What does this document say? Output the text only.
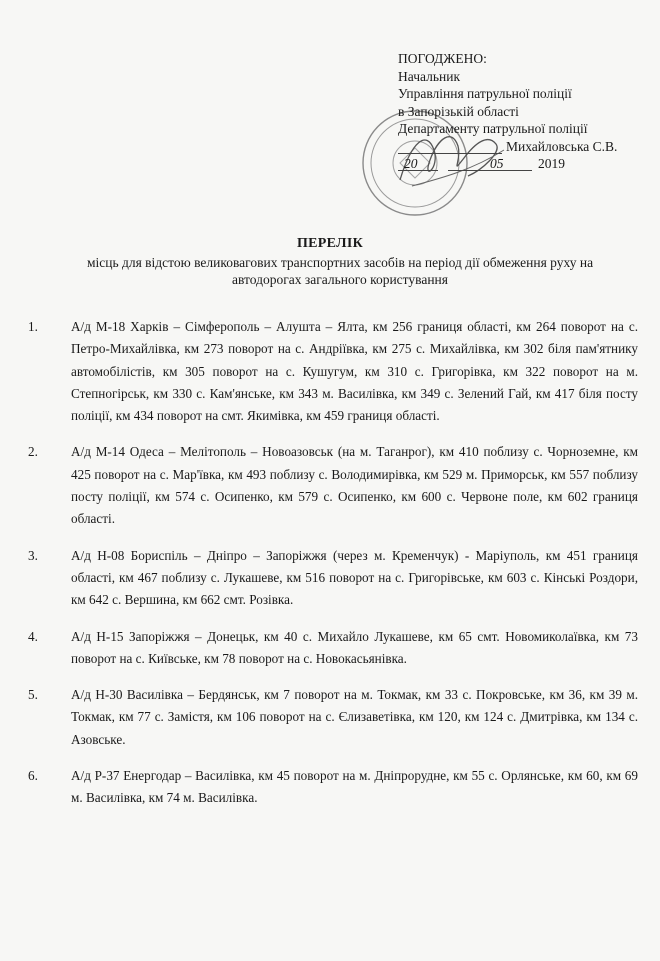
ПОГОДЖЕНО:
Начальник
Управління патрульної поліції
в Запорізькій області
Департаменту патрульної поліції
Михайловська С.В.
20	05	2019
ПЕРЕЛІК
місць для відстою великовагових транспортних засобів на період дії обмеження руху на автодорогах загального користування
1.	А/д М-18 Харків – Сімферополь – Алушта – Ялта, км 256 границя області, км 264 поворот на с. Петро-Михайлівка, км 273 поворот на с. Андріївка, км 275 с. Михайлівка, км 302 біля пам'ятнику автомобілістів, км 305 поворот на с. Кушугум, км 310 с. Григорівка, км 322 поворот на м. Степногірськ, км 330 с. Кам'янське, км 343 м. Василівка, км 349 с. Зелений Гай, км 417 біля посту поліції, км 434 поворот на смт. Якимівка, км 459 границя області.
2.	А/д М-14 Одеса – Мелітополь – Новоазовськ (на м. Таганрог), км 410 поблизу с. Чорноземне, км 425 поворот на с. Мар'ївка, км 493 поблизу с. Володимирівка, км 529 м. Приморськ, км 557 поблизу посту поліції, км 574 с. Осипенко, км 579 с. Осипенко, км 600 с. Червоне поле, км 602 границя області.
3.	А/д Н-08 Бориспіль – Дніпро – Запоріжжя (через м. Кременчук) - Маріуполь, км 451 границя області, км 467 поблизу с. Лукашеве, км 516 поворот на с. Григорівське, км 603 с. Кінські Роздори, км 642 с. Вершина, км 662 смт. Розівка.
4.	А/д Н-15 Запоріжжя – Донецьк, км 40 с. Михайло Лукашеве, км 65 смт. Новомиколаївка, км 73 поворот на с. Київське, км 78 поворот на с. Новокасьянівка.
5.	А/д Н-30 Василівка – Бердянськ, км 7 поворот на м. Токмак, км 33 с. Покровське, км 36, км 39 м. Токмак, км 77 с. Замістя, км 106 поворот на с. Єлизаветівка, км 120, км 124 с. Дмитрівка, км 134 с. Азовське.
6.	А/д Р-37 Енергодар – Василівка, км 45 поворот на м. Дніпрорудне, км 55 с. Орлянське, км 60, км 69 м. Василівка, км 74 м. Василівка.
